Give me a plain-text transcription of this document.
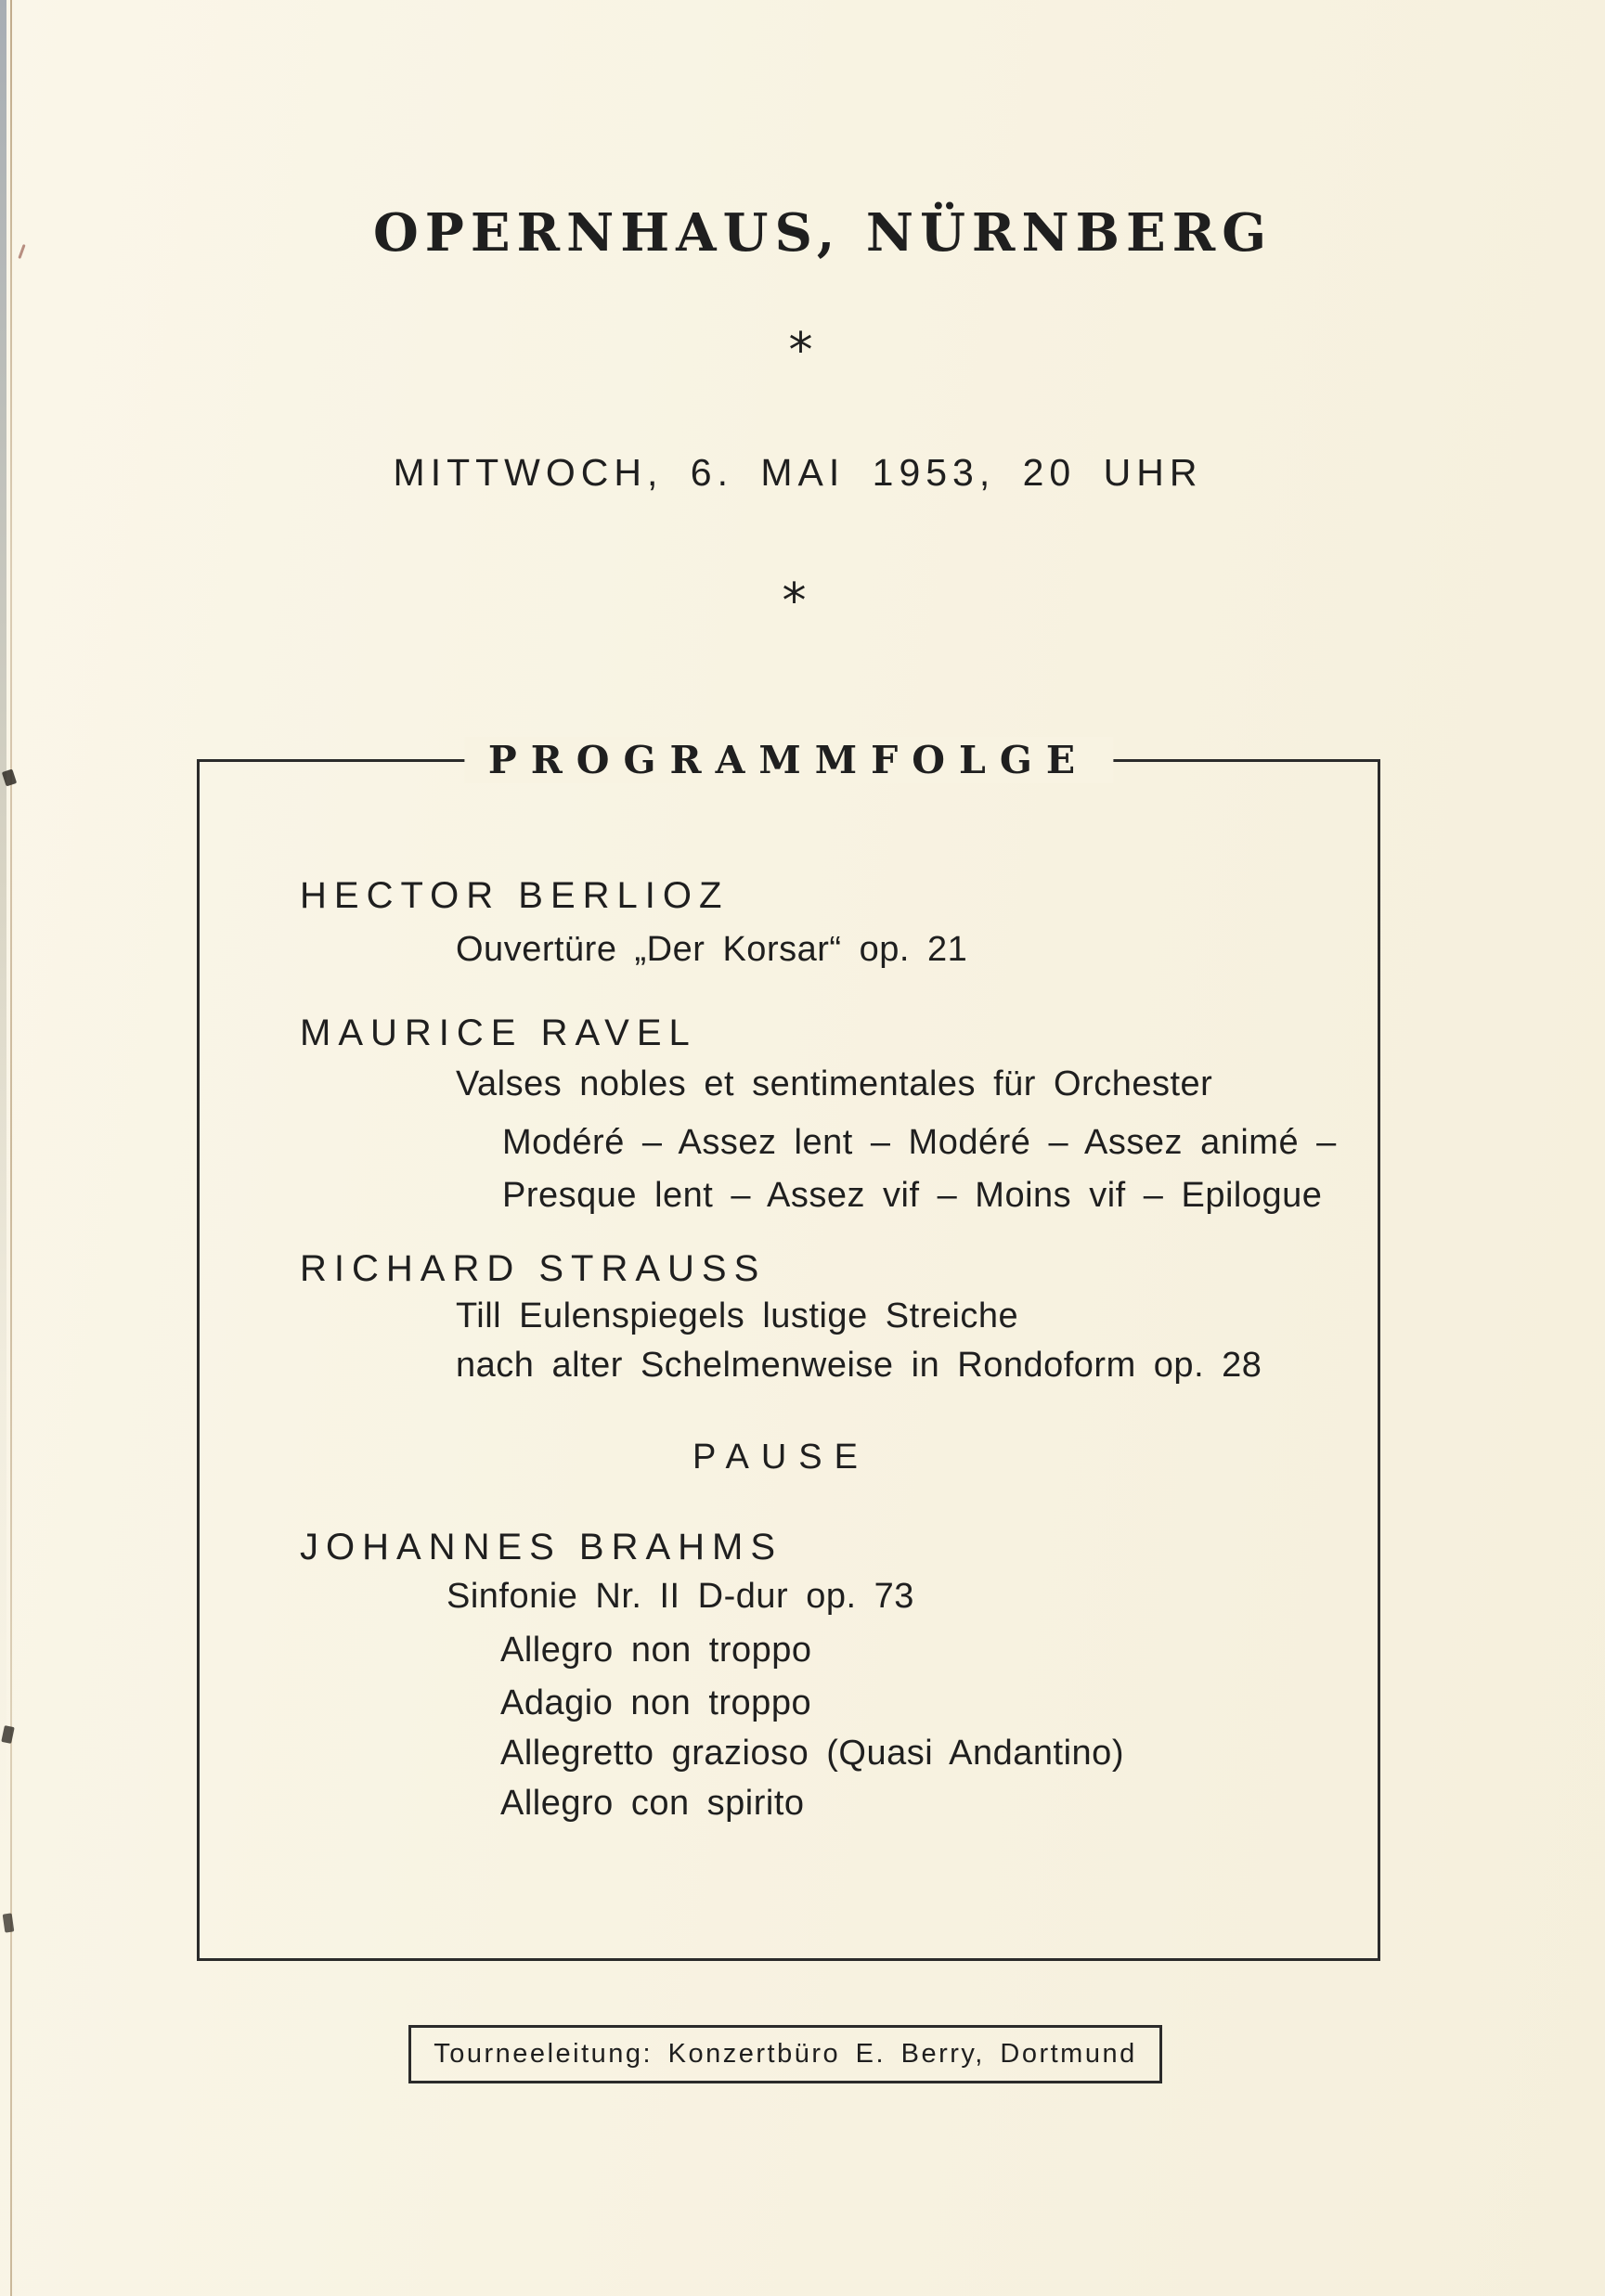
OPERNHAUS, NÜRNBERG
*
MITTWOCH, 6. MAI 1953, 20 UHR
*
PROGRAMMFOLGE
HECTOR BERLIOZ
Ouvertüre „Der Korsar“ op. 21
MAURICE RAVEL
Valses nobles et sentimentales für Orchester
Modéré – Assez lent – Modéré – Assez animé –
Presque lent – Assez vif – Moins vif – Epilogue
RICHARD STRAUSS
Till Eulenspiegels lustige Streiche
nach alter Schelmenweise in Rondoform op. 28
PAUSE
JOHANNES BRAHMS
Sinfonie Nr. II D-dur op. 73
Allegro non troppo
Adagio non troppo
Allegretto grazioso (Quasi Andantino)
Allegro con spirito
Tourneeleitung: Konzertbüro E. Berry, Dortmund
